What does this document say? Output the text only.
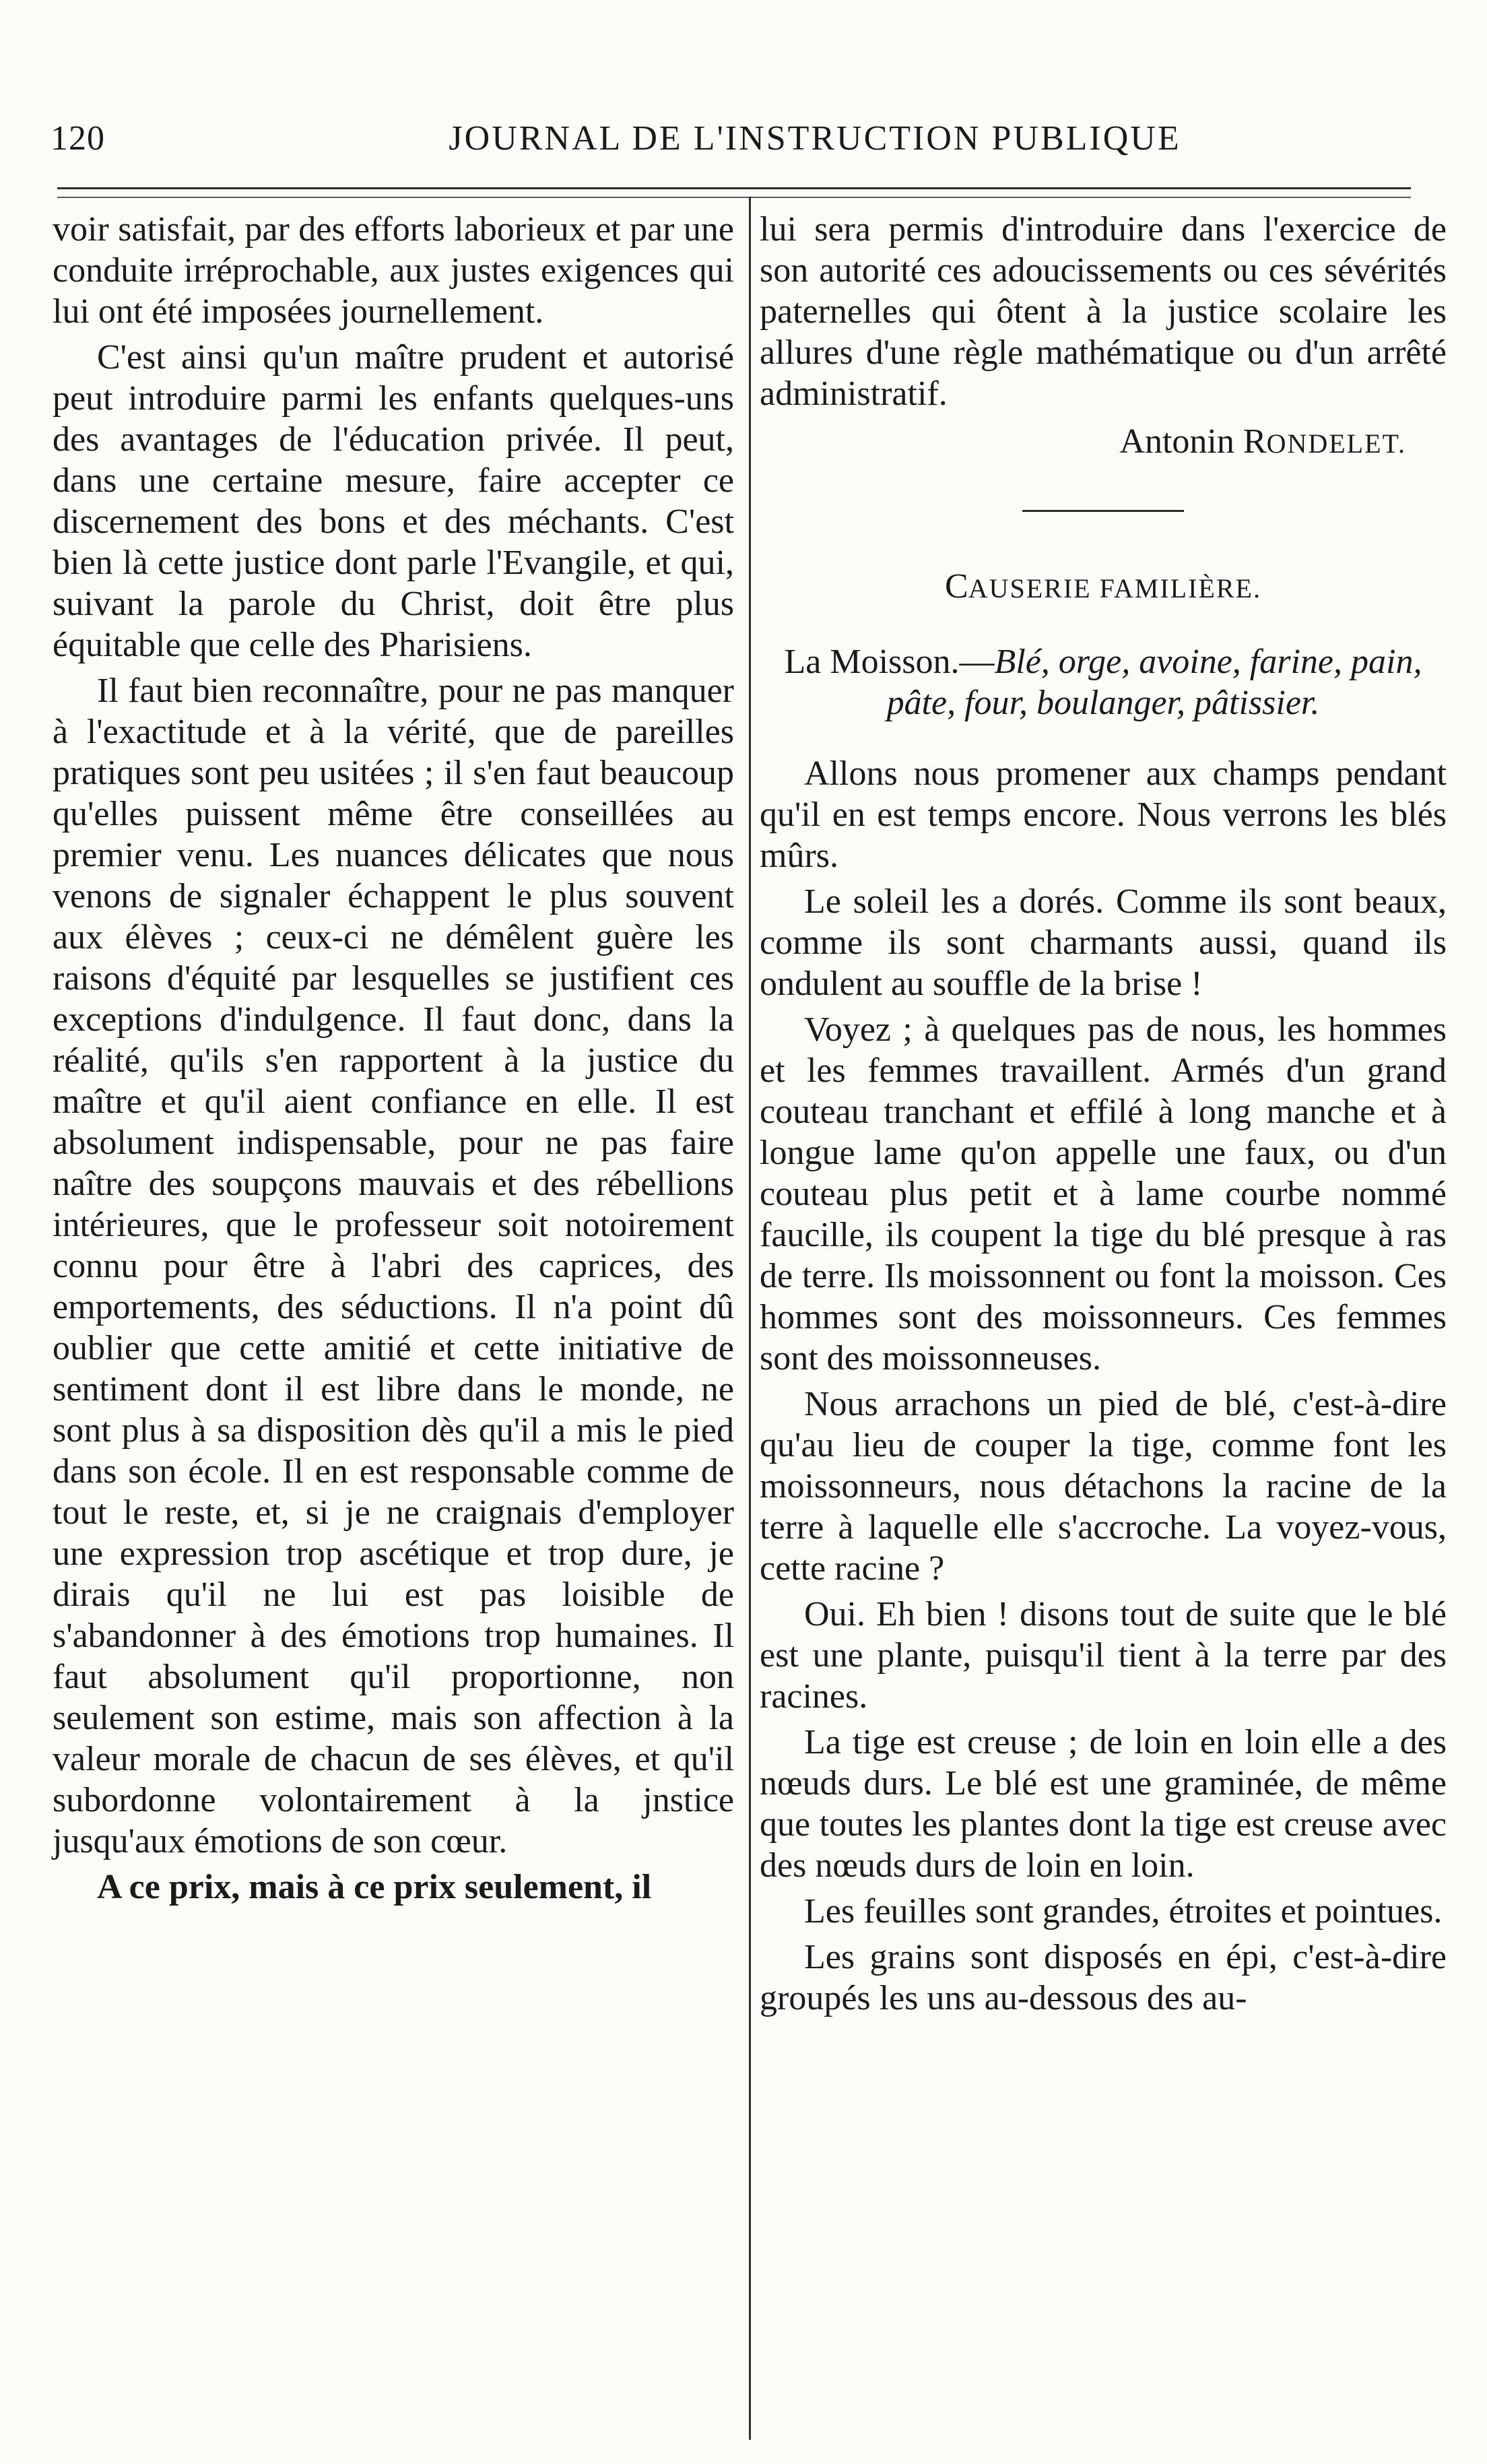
120	JOURNAL DE L'INSTRUCTION PUBLIQUE

voir satisfait, par des efforts laborieux et par une conduite irréprochable, aux justes exigences qui lui ont été imposées journellement.

C'est ainsi qu'un maître prudent et autorisé peut introduire parmi les enfants quelques-uns des avantages de l'éducation privée. Il peut, dans une certaine mesure, faire accepter ce discernement des bons et des méchants. C'est bien là cette justice dont parle l'Evangile, et qui, suivant la parole du Christ, doit être plus équitable que celle des Pharisiens.

Il faut bien reconnaître, pour ne pas manquer à l'exactitude et à la vérité, que de pareilles pratiques sont peu usitées ; il s'en faut beaucoup qu'elles puissent même être conseillées au premier venu. Les nuances délicates que nous venons de signaler échappent le plus souvent aux élèves ; ceux-ci ne démêlent guère les raisons d'équité par lesquelles se justifient ces exceptions d'indulgence. Il faut donc, dans la réalité, qu'ils s'en rapportent à la justice du maître et qu'il aient confiance en elle. Il est absolument indispensable, pour ne pas faire naître des soupçons mauvais et des rébellions intérieures, que le professeur soit notoirement connu pour être à l'abri des caprices, des emportements, des séductions. Il n'a point dû oublier que cette amitié et cette initiative de sentiment dont il est libre dans le monde, ne sont plus à sa disposition dès qu'il a mis le pied dans son école. Il en est responsable comme de tout le reste, et, si je ne craignais d'employer une expression trop ascétique et trop dure, je dirais qu'il ne lui est pas loisible de s'abandonner à des émotions trop humaines. Il faut absolument qu'il proportionne, non seulement son estime, mais son affection à la valeur morale de chacun de ses élèves, et qu'il subordonne volontairement à la jnstice jusqu'aux émotions de son cœur.

A ce prix, mais à ce prix seulement, il

lui sera permis d'introduire dans l'exercice de son autorité ces adoucissements ou ces sévérités paternelles qui ôtent à la justice scolaire les allures d'une règle mathématique ou d'un arrêté administratif.

Antonin RONDELET.
CAUSERIE FAMILIÈRE.
La Moisson.—Blé, orge, avoine, farine, pain, pâte, four, boulanger, pâtissier.

Allons nous promener aux champs pendant qu'il en est temps encore. Nous verrons les blés mûrs.

Le soleil les a dorés. Comme ils sont beaux, comme ils sont charmants aussi, quand ils ondulent au souffle de la brise !

Voyez ; à quelques pas de nous, les hommes et les femmes travaillent. Armés d'un grand couteau tranchant et effilé à long manche et à longue lame qu'on appelle une faux, ou d'un couteau plus petit et à lame courbe nommé faucille, ils coupent la tige du blé presque à ras de terre. Ils moissonnent ou font la moisson. Ces hommes sont des moissonneurs. Ces femmes sont des moissonneuses.

Nous arrachons un pied de blé, c'est-à-dire qu'au lieu de couper la tige, comme font les moissonneurs, nous détachons la racine de la terre à laquelle elle s'accroche. La voyez-vous, cette racine ?

Oui. Eh bien ! disons tout de suite que le blé est une plante, puisqu'il tient à la terre par des racines.

La tige est creuse ; de loin en loin elle a des nœuds durs. Le blé est une graminée, de même que toutes les plantes dont la tige est creuse avec des nœuds durs de loin en loin.

Les feuilles sont grandes, étroites et pointues.

Les grains sont disposés en épi, c'est-à-dire groupés les uns au-dessous des au-
